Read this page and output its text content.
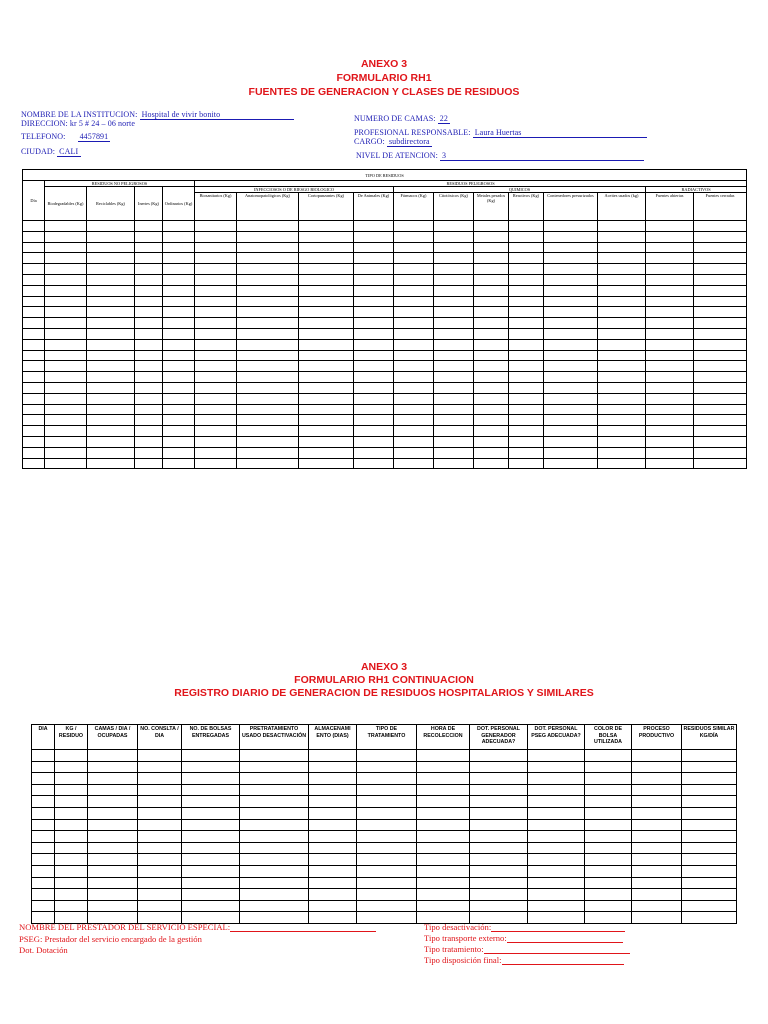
ANEXO 3
FORMULARIO RH1
FUENTES DE GENERACION Y CLASES DE RESIDUOS
NOMBRE DE LA INSTITUCION: Hospital de vivir bonito
DIRECCION: kr 5 # 24 – 06 norte
TELEFONO: 4457891
CIUDAD: CALI
NUMERO DE CAMAS: 22
PROFESIONAL RESPONSABLE: Laura Huertas
CARGO: subdirectora
NIVEL DE ATENCION: 3
TIPO DE RESIDUOS																
Día	RESIDUOS NO PELIGROSOS				RESIDUOS PELIGROSOS											
	Biodegradables (Kg)	Reciclables (Kg)	Inertes (Kg)	Ordinarios (Kg)	INFECCIOSOS O DE RIESGO BIOLOGICO				QUIMICOS						RADIACTIVOS	
					Biosanitarios (Kg)	Anatomopatológicos (Kg)	Cortopunzantes (Kg)	De Animales (Kg)	Fármacos (Kg)	Citotóxicos (Kg)	Metales pesados (Kg)	Reactivos (Kg)	Contenedores presurizados	Aceites usados (kg)	Fuentes abiertas	Fuentes cerradas

ANEXO 3
FORMULARIO RH1 CONTINUACION
REGISTRO DIARIO DE GENERACION DE RESIDUOS HOSPITALARIOS Y SIMILARES
DIA	KG / RESIDUO	CAMAS / DIA / OCUPADAS	NO. CONSLTA / DIA	NO. DE BOLSAS ENTREGADAS	PRETRATAMIENTO USADO DESACTIVACIÓN	ALMACENAMI ENTO (DIAS)	TIPO DE TRATAMIENTO	HORA DE RECOLECCION	DOT. PERSONAL GENERADOR ADECUADA?	DOT. PERSONAL PSEG ADECUADA?	COLOR DE BOLSA UTILIZADA	PROCESO PRODUCTIVO	RESIDUOS SIMILAR KG/DÍA

NOMBRE DEL PRESTADOR DEL SERVICIO ESPECIAL:
PSEG: Prestador del servicio encargado de la gestión
Dot. Dotación
Tipo desactivación:
Tipo transporte externo:
Tipo tratamiento:
Tipo disposición final:
